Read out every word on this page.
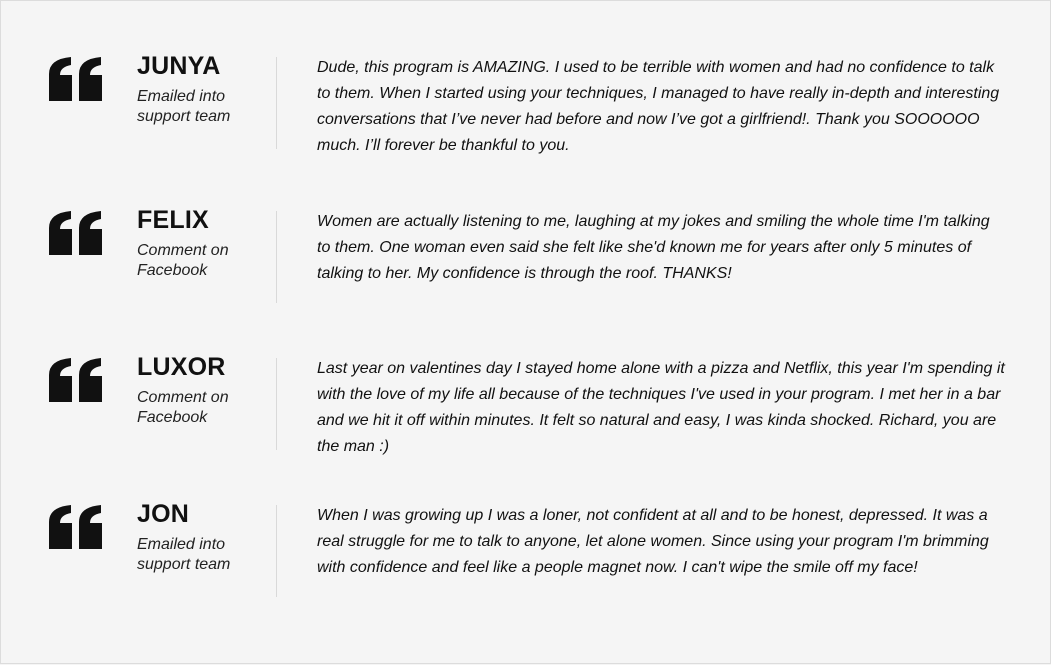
JUNYA
Emailed into support team

Dude, this program is AMAZING. I used to be terrible with women and had no confidence to talk to them. When I started using your techniques, I managed to have really in-depth and interesting conversations that I’ve never had before and now I’ve got a girlfriend!. Thank you SOOOOOO much. I’ll forever be thankful to you.

FELIX
Comment on Facebook

Women are actually listening to me, laughing at my jokes and smiling the whole time I'm talking to them. One woman even said she felt like she'd known me for years after only 5 minutes of talking to her. My confidence is through the roof. THANKS!

LUXOR
Comment on Facebook

Last year on valentines day I stayed home alone with a pizza and Netflix, this year I'm spending it with the love of my life all because of the techniques I've used in your program. I met her in a bar and we hit it off within minutes. It felt so natural and easy, I was kinda shocked. Richard, you are the man :)

JON
Emailed into support team

When I was growing up I was a loner, not confident at all and to be honest, depressed. It was a real struggle for me to talk to anyone, let alone women. Since using your program I'm brimming with confidence and feel like a people magnet now. I can't wipe the smile off my face!
